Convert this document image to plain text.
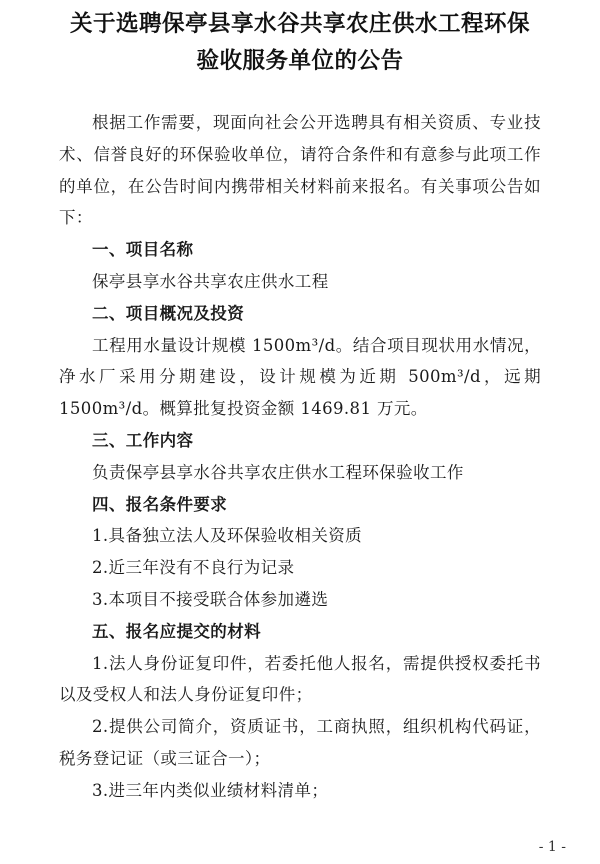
关于选聘保亭县享水谷共享农庄供水工程环保
验收服务单位的公告

根据工作需要，现面向社会公开选聘具有相关资质、专业技术、信誉良好的环保验收单位，请符合条件和有意参与此项工作的单位，在公告时间内携带相关材料前来报名。有关事项公告如下：

一、项目名称

保亭县享水谷共享农庄供水工程

二、项目概况及投资

工程用水量设计规模 1500m³/d。结合项目现状用水情况，净水厂采用分期建设，设计规模为近期 500m³/d，远期 1500m³/d。概算批复投资金额 1469.81 万元。

三、工作内容

负责保亭县享水谷共享农庄供水工程环保验收工作

四、报名条件要求

1.具备独立法人及环保验收相关资质

2.近三年没有不良行为记录

3.本项目不接受联合体参加遴选

五、报名应提交的材料

1.法人身份证复印件，若委托他人报名，需提供授权委托书以及受权人和法人身份证复印件；

2.提供公司简介，资质证书，工商执照，组织机构代码证，税务登记证（或三证合一）；

3.进三年内类似业绩材料清单；

- 1 -
